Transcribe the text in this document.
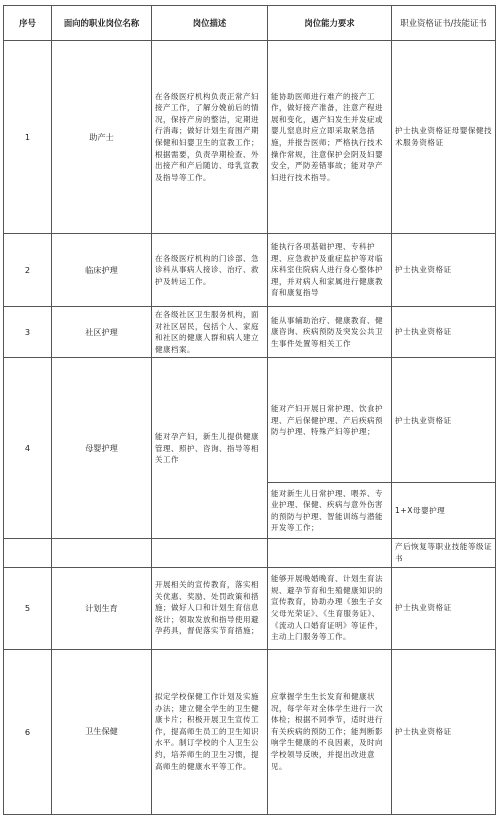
序号	面向的职业岗位名称	岗位描述	岗位能力要求	职业资格证书/技能证书
1	助产士	在各级医疗机构负责正常产妇接产工作，了解分娩前后的情况，保持产房的整洁，定期进行消毒；做好计划生育围产期保健和妇婴卫生的宣教工作；根据需要，负责孕期检查、外出接产和产后随访、母乳宣教及指导等工作。	能协助医师进行难产的接产工作，做好接产准备，注意产程进展和变化，遇产妇发生并发症或婴儿窒息时应立即采取紧急措施，并报告医师；严格执行技术操作常规，注意保护会阴及妇婴安全，严防差错事故；能对孕产妇进行技术指导。	护士执业资格证母婴保健技术服务资格证
2	临床护理	在各级医疗机构的门诊部、急诊科从事病人接诊、治疗、救护及转运工作。	能执行各项基础护理、专科护理、应急救护及重症监护等对临床科室住院病人进行身心整体护理，并对病人和家属进行健康教育和康复指导	护士执业资格证
3	社区护理	在各级社区卫生服务机构，面对社区居民，包括个人、家庭和社区的健康人群和病人建立健康档案。	能从事辅助治疗、健康教育、健康咨询、疾病预防及突发公共卫生事件处置等相关工作	护士执业资格证
4	母婴护理	能对孕产妇，新生儿提供健康管理、照护、咨询、指导等相关工作	能对产妇开展日常护理、饮食护理、产后保健护理、产后疾病预防与护理、特殊产妇等护理；	护士执业资格证

			能对新生儿日常护理、喂养、专业护理、保健、疾病与意外伤害的预防与护理、智能训练与潜能开发等工作；	1+X母婴护理
				产后恢复等职业技能等级证书
5	计划生育	开展相关的宣传教育，落实相关优惠、奖励、处罚政策和措施；做好人口和计划生育信息统计；领取发放和指导使用避孕药具，督促落实节育措施；	能够开展晚婚晚育、计划生育法规、避孕节育和生殖健康知识的宣传教育，协助办理《独生子女父母光荣证》、《生育服务证》、《流动人口婚育证明》等证件，主动上门服务等工作。	护士执业资格证
6	卫生保健	拟定学校保健工作计划及实施办法；建立健全学生的卫生健康卡片；积极开展卫生宣传工作，提高师生员工的卫生知识水平。制订学校的个人卫生公约，培养师生的卫生习惯，提高师生的健康水平等工作。	应掌握学生生长发育和健康状况，每学年对全体学生进行一次体检；根据不同季节，适时进行有关疾病的预防工作；能判断影响学生健康的不良因素，及时向学校领导反映，并提出改进意见。	护士执业资格证
